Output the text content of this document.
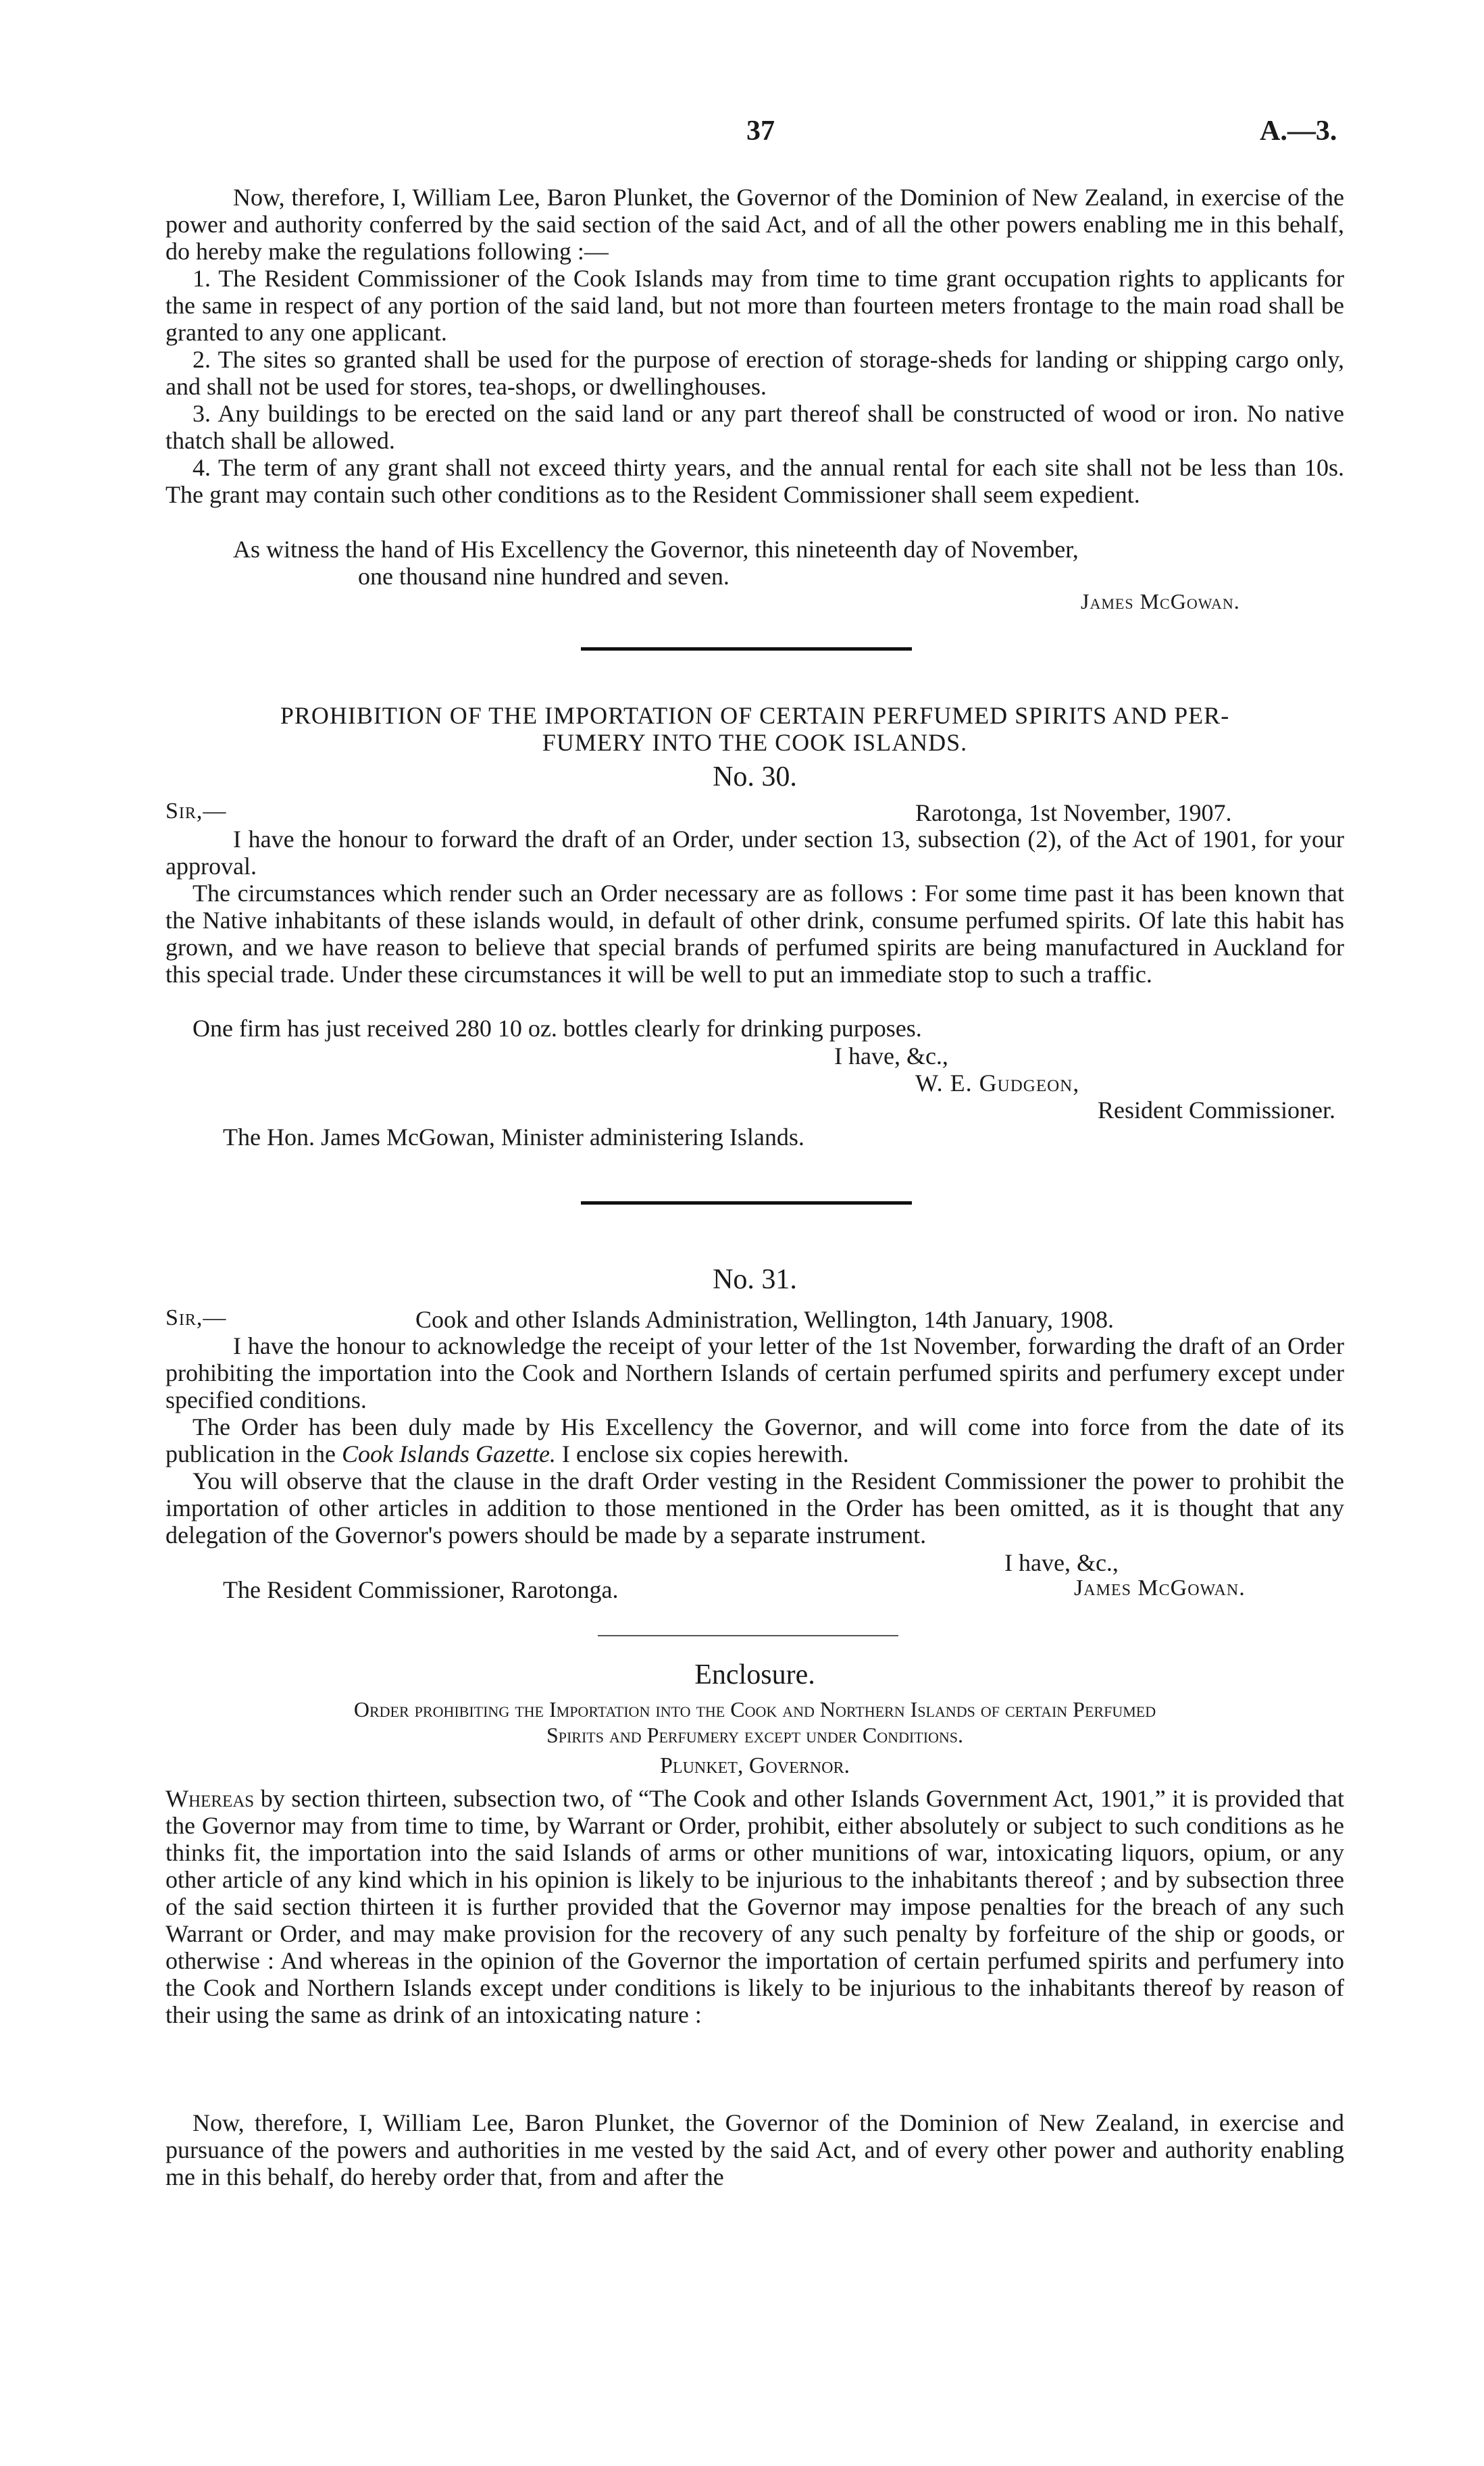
37	A.—3.
Now, therefore, I, William Lee, Baron Plunket, the Governor of the Dominion of New Zealand, in exercise of the power and authority conferred by the said section of the said Act, and of all the other powers enabling me in this behalf, do hereby make the regulations following :—
1. The Resident Commissioner of the Cook Islands may from time to time grant occupation rights to applicants for the same in respect of any portion of the said land, but not more than fourteen meters frontage to the main road shall be granted to any one applicant.
2. The sites so granted shall be used for the purpose of erection of storage-sheds for landing or shipping cargo only, and shall not be used for stores, tea-shops, or dwellinghouses.
3. Any buildings to be erected on the said land or any part thereof shall be constructed of wood or iron. No native thatch shall be allowed.
4. The term of any grant shall not exceed thirty years, and the annual rental for each site shall not be less than 10s. The grant may contain such other conditions as to the Resident Commissioner shall seem expedient.
As witness the hand of His Excellency the Governor, this nineteenth day of November,
one thousand nine hundred and seven.
James McGowan.
PROHIBITION OF THE IMPORTATION OF CERTAIN PERFUMED SPIRITS AND PER-
FUMERY INTO THE COOK ISLANDS.
No. 30.
Sir,—	Rarotonga, 1st November, 1907.
I have the honour to forward the draft of an Order, under section 13, subsection (2), of the Act of 1901, for your approval.
The circumstances which render such an Order necessary are as follows : For some time past it has been known that the Native inhabitants of these islands would, in default of other drink, consume perfumed spirits. Of late this habit has grown, and we have reason to believe that special brands of perfumed spirits are being manufactured in Auckland for this special trade. Under these circumstances it will be well to put an immediate stop to such a traffic.
One firm has just received 280 10 oz. bottles clearly for drinking purposes.
I have, &c.,
W. E. Gudgeon,
Resident Commissioner.
The Hon. James McGowan, Minister administering Islands.
No. 31.
Sir,—	Cook and other Islands Administration, Wellington, 14th January, 1908.
I have the honour to acknowledge the receipt of your letter of the 1st November, forwarding the draft of an Order prohibiting the importation into the Cook and Northern Islands of certain perfumed spirits and perfumery except under specified conditions.
The Order has been duly made by His Excellency the Governor, and will come into force from the date of its publication in the Cook Islands Gazette. I enclose six copies herewith.
You will observe that the clause in the draft Order vesting in the Resident Commissioner the power to prohibit the importation of other articles in addition to those mentioned in the Order has been omitted, as it is thought that any delegation of the Governor's powers should be made by a separate instrument.
I have, &c.,
The Resident Commissioner, Rarotonga.	James McGowan.
Enclosure.
Order prohibiting the Importation into the Cook and Northern Islands of certain Perfumed
Spirits and Perfumery except under Conditions.
Plunket, Governor.
Whereas by section thirteen, subsection two, of “The Cook and other Islands Government Act, 1901,” it is provided that the Governor may from time to time, by Warrant or Order, prohibit, either absolutely or subject to such conditions as he thinks fit, the importation into the said Islands of arms or other munitions of war, intoxicating liquors, opium, or any other article of any kind which in his opinion is likely to be injurious to the inhabitants thereof ; and by subsection three of the said section thirteen it is further provided that the Governor may impose penalties for the breach of any such Warrant or Order, and may make provision for the recovery of any such penalty by forfeiture of the ship or goods, or otherwise : And whereas in the opinion of the Governor the importation of certain perfumed spirits and perfumery into the Cook and Northern Islands except under conditions is likely to be injurious to the inhabitants thereof by reason of their using the same as drink of an intoxicating nature :
Now, therefore, I, William Lee, Baron Plunket, the Governor of the Dominion of New Zealand, in exercise and pursuance of the powers and authorities in me vested by the said Act, and of every other power and authority enabling me in this behalf, do hereby order that, from and after the
